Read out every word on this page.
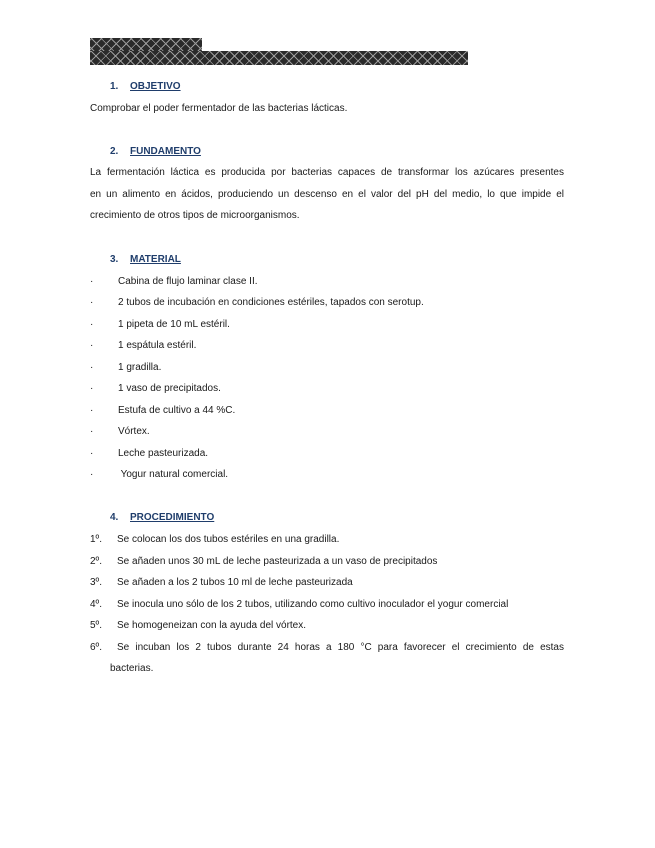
1. OBJETIVO
Comprobar el poder fermentador de las bacterias lácticas.
2. FUNDAMENTO
La fermentación láctica es producida por bacterias capaces de transformar los azúcares presentes
en un alimento en ácidos, produciendo un descenso en el valor del pH del medio, lo que impide el
crecimiento de otros tipos de microorganismos.
3. MATERIAL
· Cabina de flujo laminar clase II.
· 2 tubos de incubación en condiciones estériles, tapados con serotup.
· 1 pipeta de 10 mL estéril.
· 1 espátula estéril.
· 1 gradilla.
· 1 vaso de precipitados.
· Estufa de cultivo a 44 %C.
· Vórtex.
· Leche pasteurizada.
· Yogur natural comercial.
4. PROCEDIMIENTO
1º. Se colocan los dos tubos estériles en una gradilla.
2º. Se añaden unos 30 mL de leche pasteurizada a un vaso de precipitados
3º. Se añaden a los 2 tubos 10 ml de leche pasteurizada
4º. Se inocula uno sólo de los 2 tubos, utilizando como cultivo inoculador el yogur comercial
5º. Se homogeneizan con la ayuda del vórtex.
6º.	Se incuban los 2 tubos durante 24 horas a 180 °C para favorecer el crecimiento de estas
bacterias.
